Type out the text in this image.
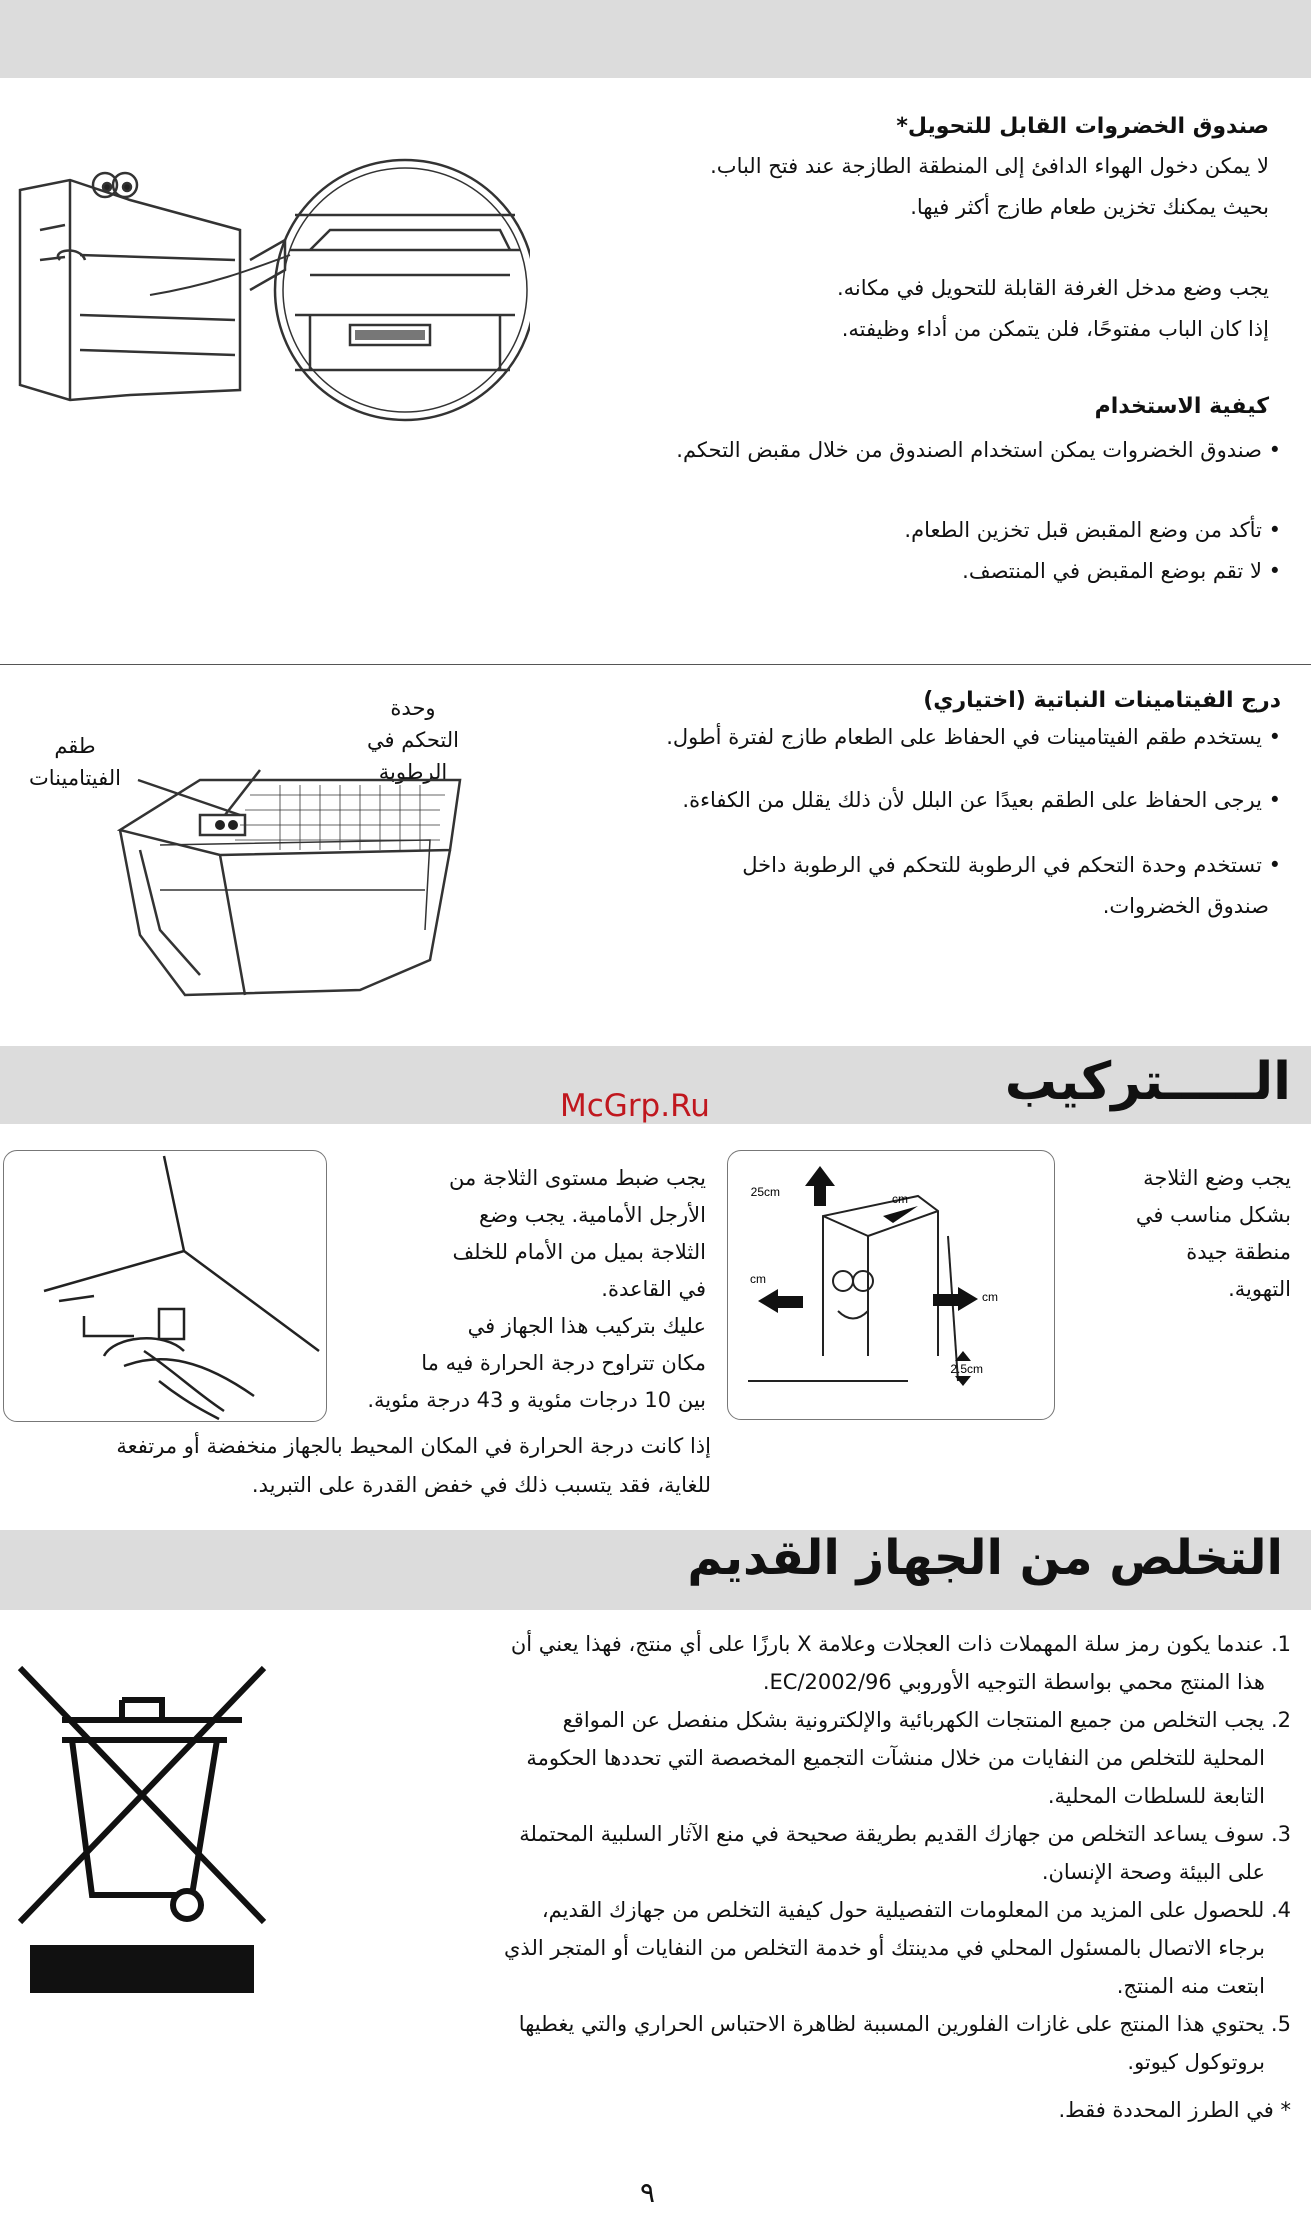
صندوق الخضروات القابل للتحويل*
لا يمكن دخول الهواء الدافئ إلى المنطقة الطازجة عند فتح الباب.
بحيث يمكنك تخزين طعام طازج أكثر فيها.
يجب وضع مدخل الغرفة القابلة للتحويل في مكانه.
إذا كان الباب مفتوحًا، فلن يتمكن من أداء وظيفته.
كيفية الاستخدام
• صندوق الخضروات يمكن استخدام الصندوق من خلال مقبض التحكم.
• تأكد من وضع المقبض قبل تخزين الطعام.
• لا تقم بوضع المقبض في المنتصف.
درج الفيتامينات النباتية (اختياري)
• يستخدم طقم الفيتامينات في الحفاظ على الطعام طازج لفترة أطول.
• يرجى الحفاظ على الطقم بعيدًا عن البلل لأن ذلك يقلل من الكفاءة.
• تستخدم وحدة التحكم في الرطوبة للتحكم في الرطوبة داخل
صندوق الخضروات.
وحدة
التحكم في
الرطوبة
طقم
الفيتامينات
الـــــتركيب
McGrp.Ru
يجب وضع الثلاجة
بشكل مناسب في
منطقة جيدة
التهوية.
25cm	cm
cm
cm
2.5cm
يجب ضبط مستوى الثلاجة من
الأرجل الأمامية. يجب وضع
الثلاجة بميل من الأمام للخلف
في القاعدة.
عليك بتركيب هذا الجهاز في
مكان تتراوح درجة الحرارة فيه ما
بين 10 درجات مئوية و 43 درجة مئوية.
إذا كانت درجة الحرارة في المكان المحيط بالجهاز منخفضة أو مرتفعة
للغاية، فقد يتسبب ذلك في خفض القدرة على التبريد.
التخلص من الجهاز القديم
1. عندما يكون رمز سلة المهملات ذات العجلات وعلامة X بارزًا على أي منتج، فهذا يعني أن
هذا المنتج محمي بواسطة التوجيه الأوروبي 2002/96/EC.
2. يجب التخلص من جميع المنتجات الكهربائية والإلكترونية بشكل منفصل عن المواقع
المحلية للتخلص من النفايات من خلال منشآت التجميع المخصصة التي تحددها الحكومة
التابعة للسلطات المحلية.
3. سوف يساعد التخلص من جهازك القديم بطريقة صحيحة في منع الآثار السلبية المحتملة
على البيئة وصحة الإنسان.
4. للحصول على المزيد من المعلومات التفصيلية حول كيفية التخلص من جهازك القديم،
برجاء الاتصال بالمسئول المحلي في مدينتك أو خدمة التخلص من النفايات أو المتجر الذي
ابتعت منه المنتج.
5. يحتوي هذا المنتج على غازات الفلورين المسببة لظاهرة الاحتباس الحراري والتي يغطيها
بروتوكول كيوتو.
* في الطرز المحددة فقط.
٩
